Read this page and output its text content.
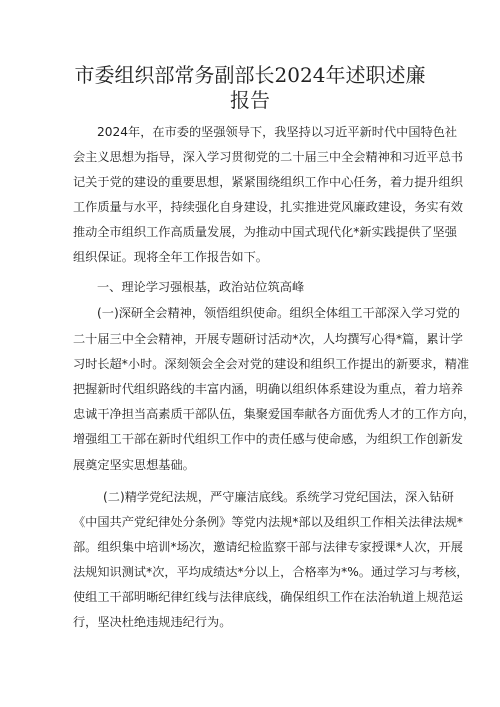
市委组织部常务副部长2024年述职述廉
报告
2024年，在市委的坚强领导下，我坚持以习近平新时代中国特色社
会主义思想为指导，深入学习贯彻党的二十届三中全会精神和习近平总书
记关于党的建设的重要思想，紧紧围绕组织工作中心任务，着力提升组织
工作质量与水平，持续强化自身建设，扎实推进党风廉政建设，务实有效
推动全市组织工作高质量发展，为推动中国式现代化*新实践提供了坚强
组织保证。现将全年工作报告如下。
一、理论学习强根基，政治站位筑高峰
(一)深研全会精神，领悟组织使命。组织全体组工干部深入学习党的
二十届三中全会精神，开展专题研讨活动*次，人均撰写心得*篇，累计学
习时长超*小时。深刻领会全会对党的建设和组织工作提出的新要求，精准
把握新时代组织路线的丰富内涵，明确以组织体系建设为重点，着力培养
忠诚干净担当高素质干部队伍，集聚爱国奉献各方面优秀人才的工作方向，
增强组工干部在新时代组织工作中的责任感与使命感，为组织工作创新发
展奠定坚实思想基础。
(二)精学党纪法规，严守廉洁底线。系统学习党纪国法，深入钻研
《中国共产党纪律处分条例》等党内法规*部以及组织工作相关法律法规*
部。组织集中培训*场次，邀请纪检监察干部与法律专家授课*人次，开展
法规知识测试*次，平均成绩达*分以上，合格率为*%。通过学习与考核，
使组工干部明晰纪律红线与法律底线，确保组织工作在法治轨道上规范运
行，坚决杜绝违规违纪行为。
